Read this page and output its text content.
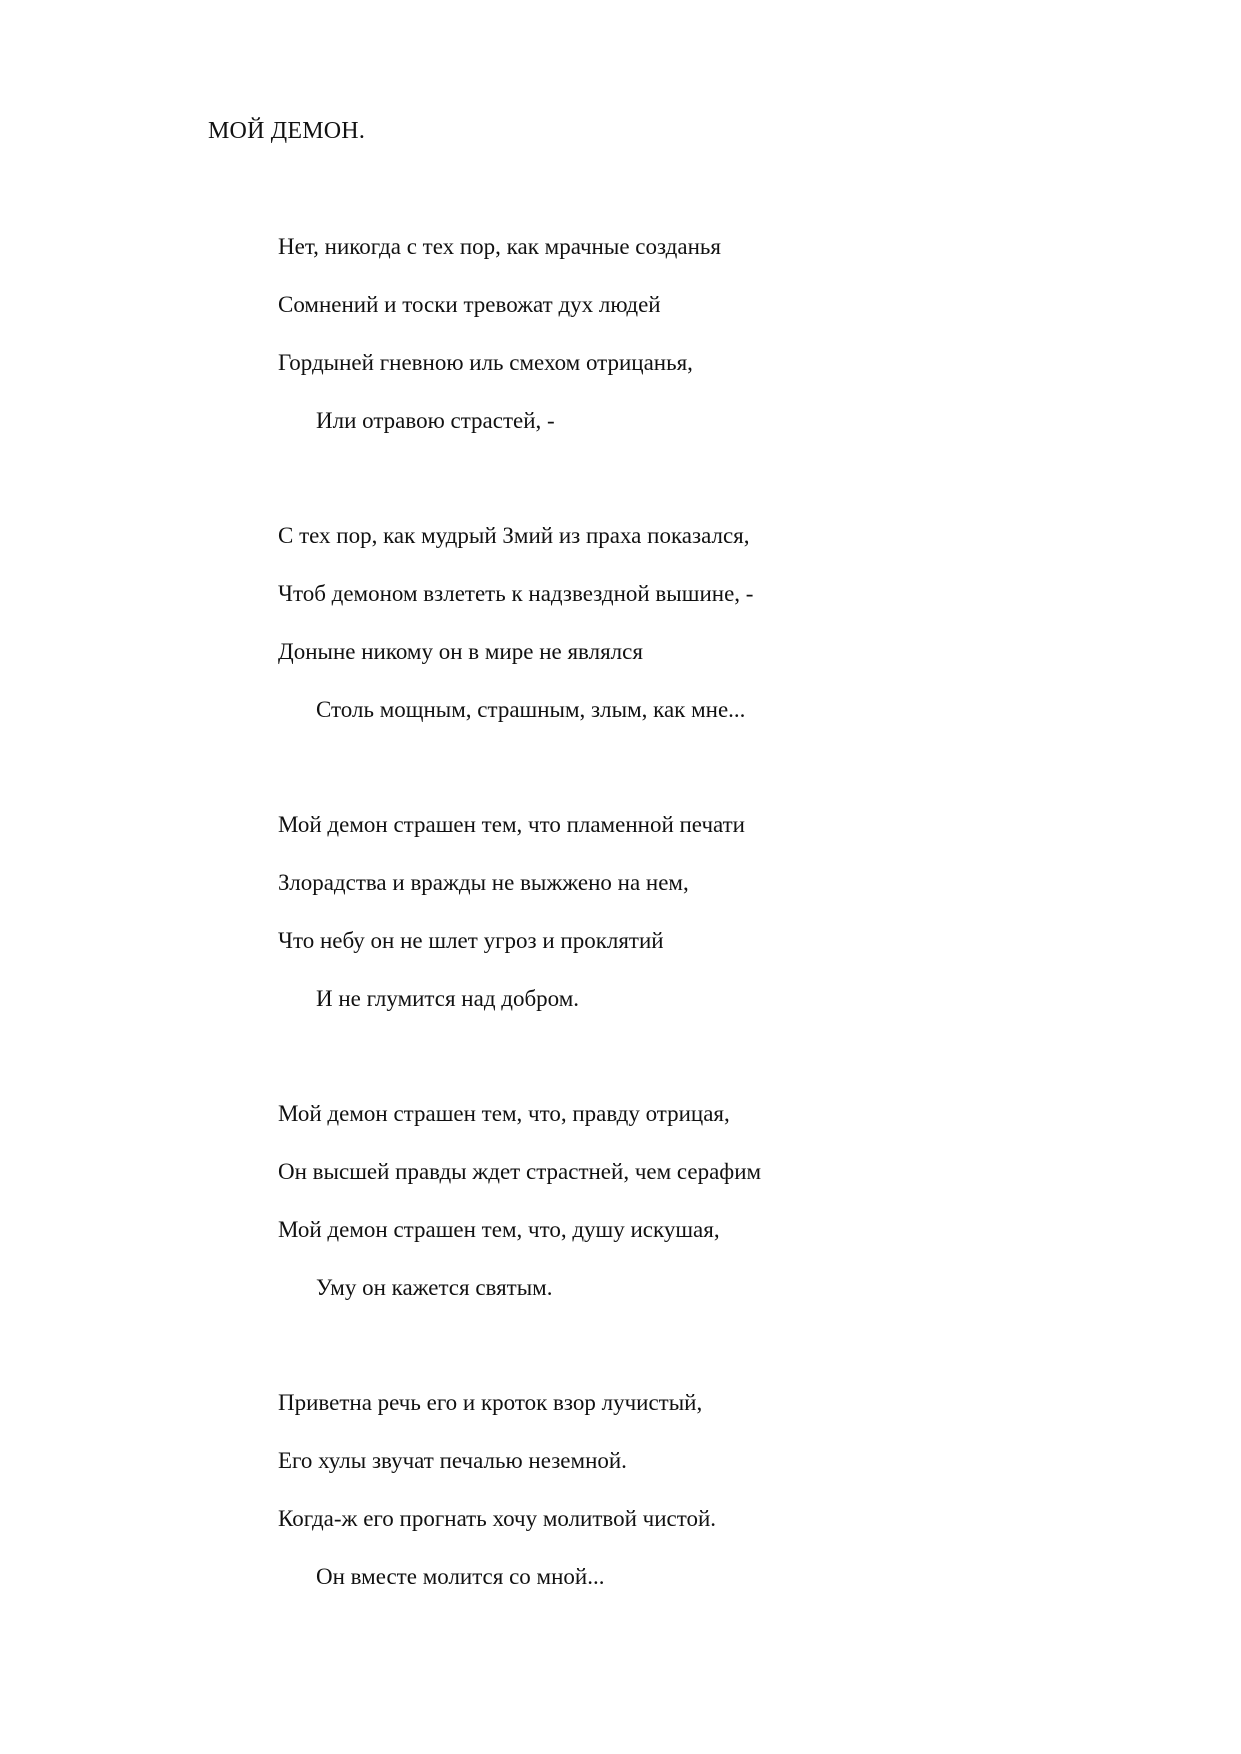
МОЙ ДЕМОН.
Нет, никогда с тех пор, как мрачные созданья
Сомнений и тоски тревожат дух людей
Гордыней гневною иль смехом отрицанья,
Или отравою страстей, -
С тех пор, как мудрый Змий из праха показался,
Чтоб демоном взлететь к надзвездной вышине, -
Доныне никому он в мире не являлся
Столь мощным, страшным, злым, как мне...
Мой демон страшен тем, что пламенной печати
Злорадства и вражды не выжжено на нем,
Что небу он не шлет угроз и проклятий
И не глумится над добром.
Мой демон страшен тем, что, правду отрицая,
Он высшей правды ждет страстней, чем серафим
Мой демон страшен тем, что, душу искушая,
Уму он кажется святым.
Приветна речь его и кроток взор лучистый,
Его хулы звучат печалью неземной.
Когда-ж его прогнать хочу молитвой чистой.
Он вместе молится со мной...
